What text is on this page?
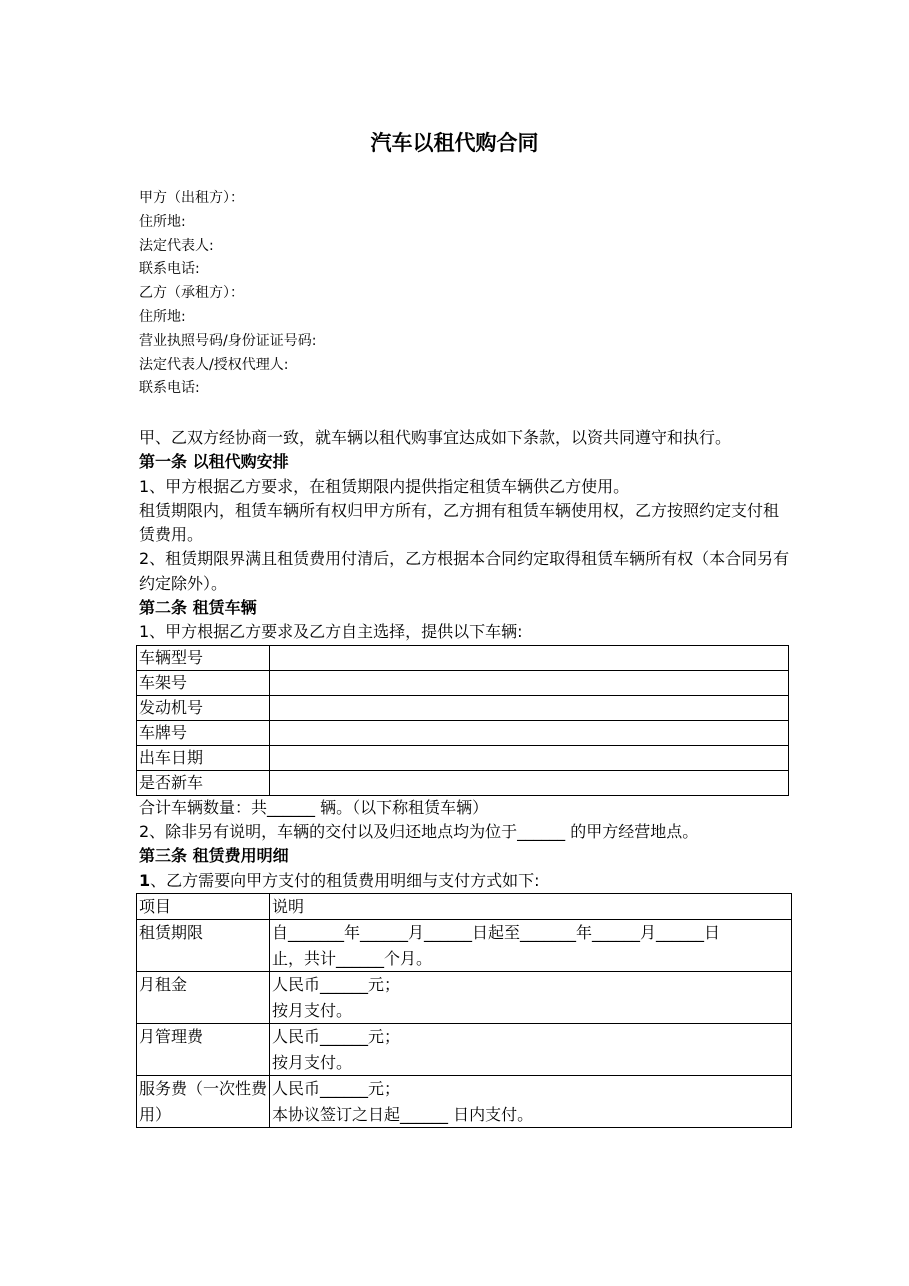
汽车以租代购合同
甲方（出租方）：
住所地:
法定代表人:
联系电话:
乙方（承租方）：
住所地:
营业执照号码/身份证证号码:
法定代表人/授权代理人:
联系电话:
甲、乙双方经协商一致，就车辆以租代购事宜达成如下条款，以资共同遵守和执行。
第一条 以租代购安排
1、甲方根据乙方要求，在租赁期限内提供指定租赁车辆供乙方使用。
租赁期限内，租赁车辆所有权归甲方所有，乙方拥有租赁车辆使用权，乙方按照约定支付租赁费用。
2、租赁期限界满且租赁费用付清后，乙方根据本合同约定取得租赁车辆所有权（本合同另有约定除外）。
第二条 租赁车辆
1、甲方根据乙方要求及乙方自主选择，提供以下车辆:
车辆型号	
车架号	
发动机号	
车牌号	
出车日期	
是否新车	
合计车辆数量：共______ 辆。（以下称租赁车辆）
2、除非另有说明，车辆的交付以及归还地点均为位于______ 的甲方经营地点。
第三条 租赁费用明细
1、乙方需要向甲方支付的租赁费用明细与支付方式如下:
项目	说明
租赁期限	自_______年______月______日起至_______年______月______日
止，共计______个月。

月租金	人民币______元；
按月支付。

月管理费	人民币______元；
按月支付。

服务费（一次性费用）	人民币______元；
本协议签订之日起______ 日内支付。
